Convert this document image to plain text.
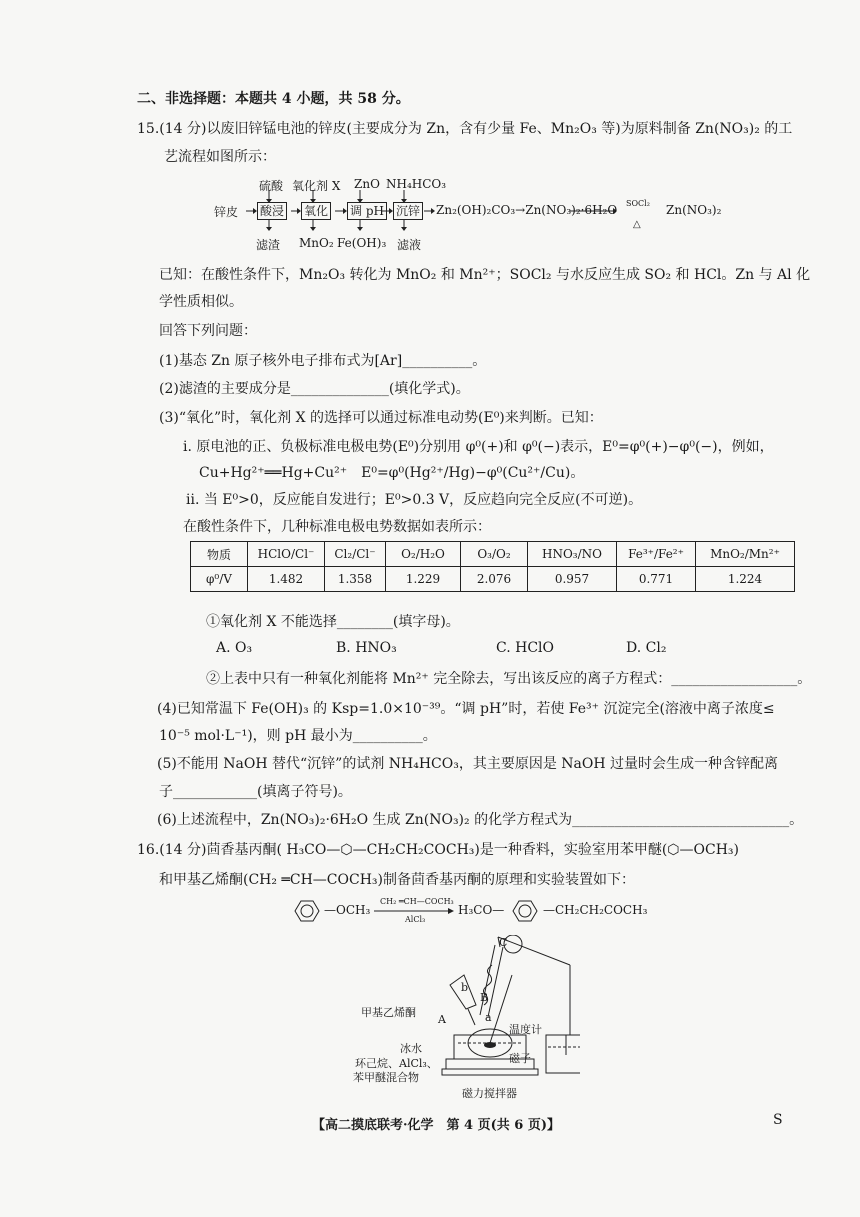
二、非选择题：本题共 4 小题，共 58 分。
15.(14 分)以废旧锌锰电池的锌皮(主要成分为 Zn，含有少量 Fe、Mn₂O₃ 等)为原料制备 Zn(NO₃)₂ 的工
艺流程如图所示：
硫酸 氧化剂 X ZnO NH₄HCO₃
锌皮 酸浸 氧化 调 pH 沉锌 Zn₂(OH)₂CO₃→Zn(NO₃)₂·6H₂O SOCl₂
△
Zn(NO₃)₂
滤渣 MnO₂ Fe(OH)₃ 滤液
已知：在酸性条件下，Mn₂O₃ 转化为 MnO₂ 和 Mn²⁺；SOCl₂ 与水反应生成 SO₂ 和 HCl。Zn 与 Al 化
学性质相似。
回答下列问题：
(1)基态 Zn 原子核外电子排布式为[Ar]__________。
(2)滤渣的主要成分是______________(填化学式)。
(3)“氧化”时，氧化剂 X 的选择可以通过标准电动势(E⁰)来判断。已知：
ⅰ. 原电池的正、负极标准电极电势(E⁰)分别用 φ⁰(+)和 φ⁰(−)表示，E⁰=φ⁰(+)−φ⁰(−)，例如，
Cu+Hg²⁺══Hg+Cu²⁺　E⁰=φ⁰(Hg²⁺/Hg)−φ⁰(Cu²⁺/Cu)。
ⅱ. 当 E⁰>0，反应能自发进行；E⁰>0.3 V，反应趋向完全反应(不可逆)。
在酸性条件下，几种标准电极电势数据如表所示：
物质	HClO/Cl⁻	Cl₂/Cl⁻	O₂/H₂O	O₃/O₂	HNO₃/NO	Fe³⁺/Fe²⁺	MnO₂/Mn²⁺
φ⁰/V	1.482	1.358	1.229	2.076	0.957	0.771	1.224
①氧化剂 X 不能选择________(填字母)。
A. O₃	B. HNO₃	C. HClO	D. Cl₂
②上表中只有一种氧化剂能将 Mn²⁺ 完全除去，写出该反应的离子方程式：__________________。
(4)已知常温下 Fe(OH)₃ 的 Ksp=1.0×10⁻³⁹。“调 pH”时，若使 Fe³⁺ 沉淀完全(溶液中离子浓度≤
10⁻⁵ mol·L⁻¹)，则 pH 最小为__________。
(5)不能用 NaOH 替代“沉锌”的试剂 NH₄HCO₃，其主要原因是 NaOH 过量时会生成一种含锌配离
子____________(填离子符号)。
(6)上述流程中，Zn(NO₃)₂·6H₂O 生成 Zn(NO₃)₂ 的化学方程式为_______________________________。
16.(14 分)茴香基丙酮( H₃CO—⬡—CH₂CH₂COCH₃)是一种香料，实验室用苯甲醚(⬡—OCH₃)
和甲基乙烯酮(CH₂ ═CH—COCH₃)制备茴香基丙酮的原理和实验装置如下：
—OCH₃
CH₂ ═CH—COCH₃
AlCl₃
H₃CO—	—CH₂CH₂COCH₃
C
b
B
a
A
甲基乙烯酮
温度计
冰水
环己烷、AlCl₃、
苯甲醚混合物
磁子
磁力搅拌器
【高二摸底联考·化学　第 4 页(共 6 页)】	S
